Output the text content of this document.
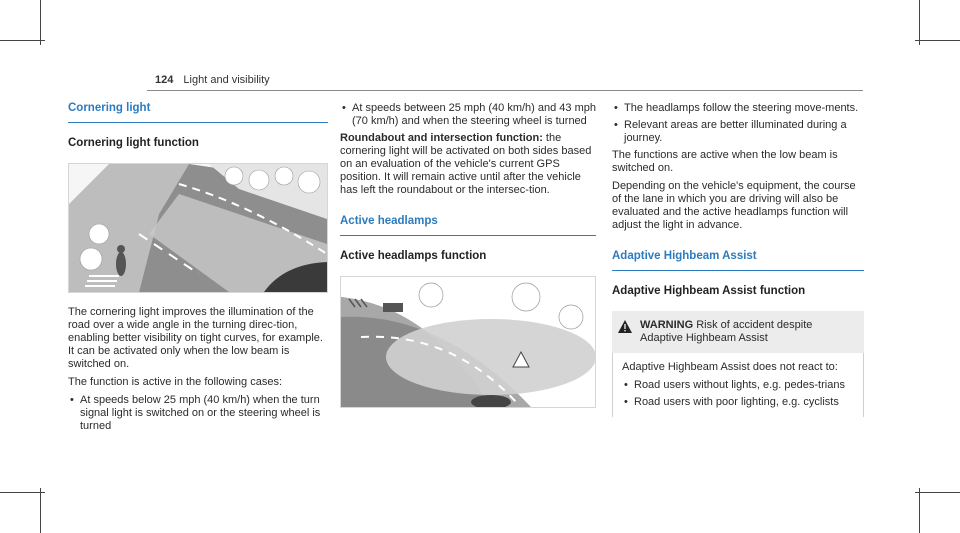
124 Light and visibility
Cornering light
Cornering light function

The cornering light improves the illumination of the road over a wide angle in the turning direc-tion, enabling better visibility on tight curves, for example. It can be activated only when the low beam is switched on.

The function is active in the following cases:

• At speeds below 25 mph (40 km/h) when the turn signal light is switched on or the steering wheel is turned
• At speeds between 25 mph (40 km/h) and 43 mph (70 km/h) and when the steering wheel is turned

Roundabout and intersection function: the cornering light will be activated on both sides based on an evaluation of the vehicle's current GPS position. It will remain active until after the vehicle has left the roundabout or the intersec-tion.

Active headlamps
Active headlamps function
• The headlamps follow the steering move-ments.
• Relevant areas are better illuminated during a journey.

The functions are active when the low beam is switched on.

Depending on the vehicle's equipment, the course of the lane in which you are driving will also be evaluated and the active headlamps function will adjust the light in advance.

Adaptive Highbeam Assist
Adaptive Highbeam Assist function
WARNING Risk of accident despite Adaptive Highbeam Assist

Adaptive Highbeam Assist does not react to:

• Road users without lights, e.g. pedes-trians
• Road users with poor lighting, e.g. cyclists
